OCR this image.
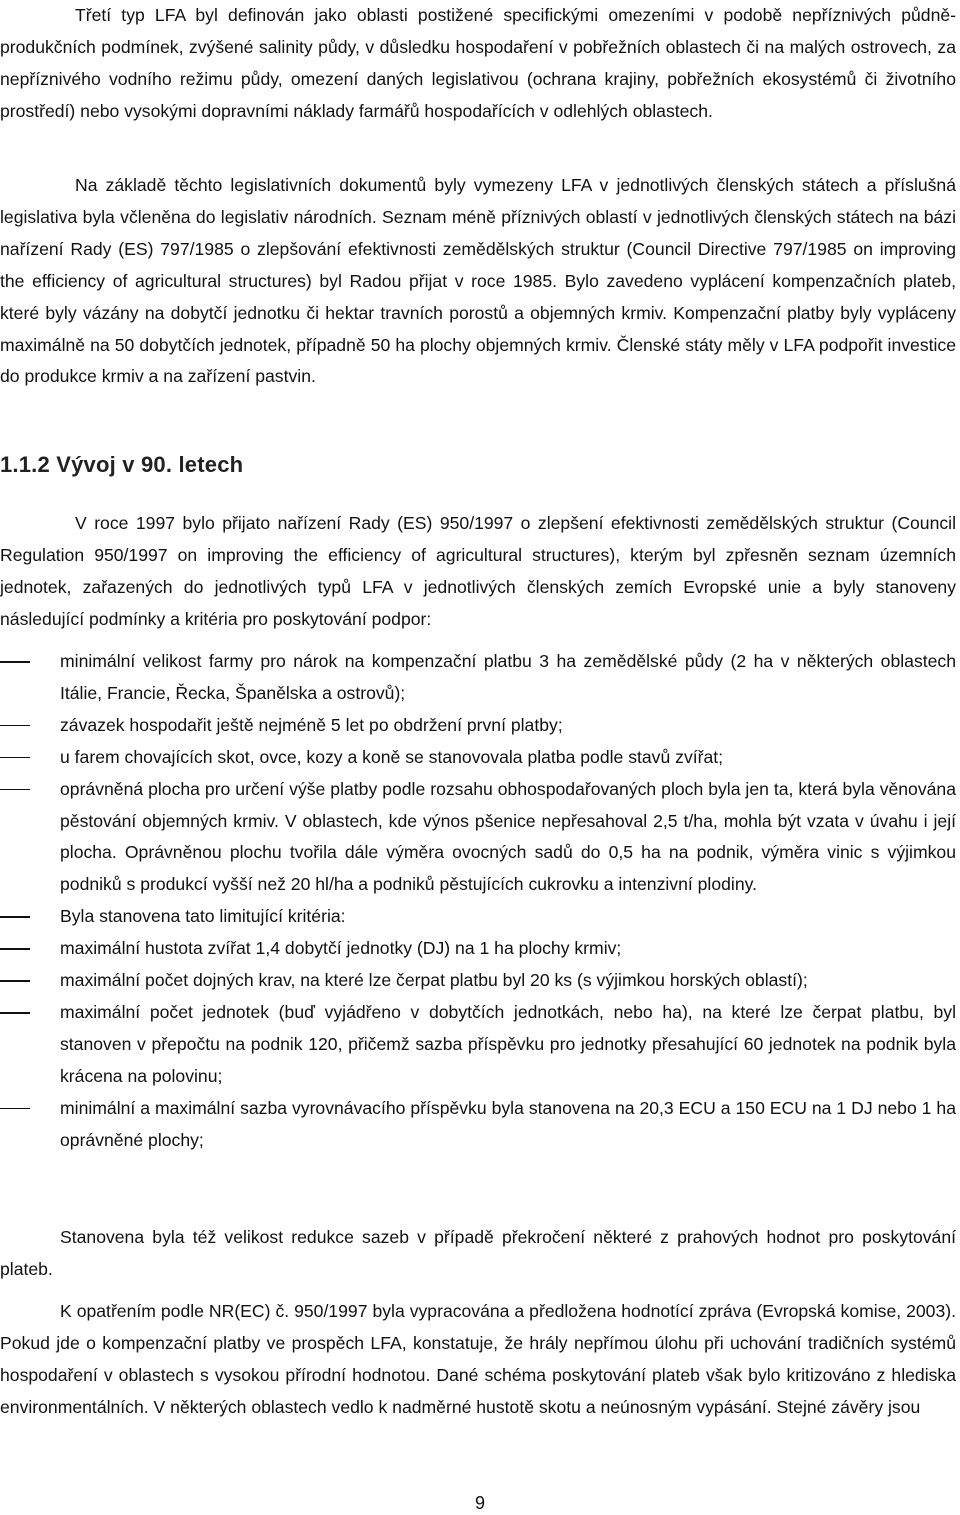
Třetí typ LFA byl definován jako oblasti postižené specifickými omezeními v podobě nepříznivých půdně-produkčních podmínek, zvýšené salinity půdy, v důsledku hospodaření v pobřežních oblastech či na malých ostrovech, za nepříznivého vodního režimu půdy, omezení daných legislativou (ochrana krajiny, pobřežních ekosystémů či životního prostředí) nebo vysokými dopravními náklady farmářů hospodařících v odlehlých oblastech.

Na základě těchto legislativních dokumentů byly vymezeny LFA v jednotlivých členských státech a příslušná legislativa byla včleněna do legislativ národních. Seznam méně příznivých oblastí v jednotlivých členských státech na bázi nařízení Rady (ES) 797/1985 o zlepšování efektivnosti zemědělských struktur (Council Directive 797/1985 on improving the efficiency of agricultural structures) byl Radou přijat v roce 1985. Bylo zavedeno vyplácení kompenzačních plateb, které byly vázány na dobytčí jednotku či hektar travních porostů a objemných krmiv. Kompenzační platby byly vypláceny maximálně na 50 dobytčích jednotek, případně 50 ha plochy objemných krmiv. Členské státy měly v LFA podpořit investice do produkce krmiv a na zařízení pastvin.

1.1.2 Vývoj v 90. letech

V roce 1997 bylo přijato nařízení Rady (ES) 950/1997 o zlepšení efektivnosti zemědělských struktur (Council Regulation 950/1997 on improving the efficiency of agricultural structures), kterým byl zpřesněn seznam územních jednotek, zařazených do jednotlivých typů LFA v jednotlivých členských zemích Evropské unie a byly stanoveny následující podmínky a kritéria pro poskytování podpor:

minimální velikost farmy pro nárok na kompenzační platbu 3 ha zemědělské půdy (2 ha v některých oblastech Itálie, Francie, Řecka, Španělska a ostrovů);
závazek hospodařit ještě nejméně 5 let po obdržení první platby;
u farem chovajících skot, ovce, kozy a koně se stanovovala platba podle stavů zvířat;
oprávněná plocha pro určení výše platby podle rozsahu obhospodařovaných ploch byla jen ta, která byla věnována pěstování objemných krmiv. V oblastech, kde výnos pšenice nepřesahoval 2,5 t/ha, mohla být vzata v úvahu i její plocha. Oprávněnou plochu tvořila dále výměra ovocných sadů do 0,5 ha na podnik, výměra vinic s výjimkou podniků s produkcí vyšší než 20 hl/ha a podniků pěstujících cukrovku a intenzivní plodiny.
Byla stanovena tato limitující kritéria:
maximální hustota zvířat 1,4 dobytčí jednotky (DJ) na 1 ha plochy krmiv;
maximální počet dojných krav, na které lze čerpat platbu byl 20 ks (s výjimkou horských oblastí);
maximální počet jednotek (buď vyjádřeno v dobytčích jednotkách, nebo ha), na které lze čerpat platbu, byl stanoven v přepočtu na podnik 120, přičemž sazba příspěvku pro jednotky přesahující 60 jednotek na podnik byla krácena na polovinu;
minimální a maximální sazba vyrovnávacího příspěvku byla stanovena na 20,3 ECU a 150 ECU na 1 DJ nebo 1 ha oprávněné plochy;

Stanovena byla též velikost redukce sazeb v případě překročení některé z prahových hodnot pro poskytování plateb.

K opatřením podle NR(EC) č. 950/1997 byla vypracována a předložena hodnotící zpráva (Evropská komise, 2003). Pokud jde o kompenzační platby ve prospěch LFA, konstatuje, že hrály nepřímou úlohu při uchování tradičních systémů hospodaření v oblastech s vysokou přírodní hodnotou. Dané schéma poskytování plateb však bylo kritizováno z hlediska environmentálních. V některých oblastech vedlo k nadměrné hustotě skotu a neúnosným vypásání. Stejné závěry jsou

9
